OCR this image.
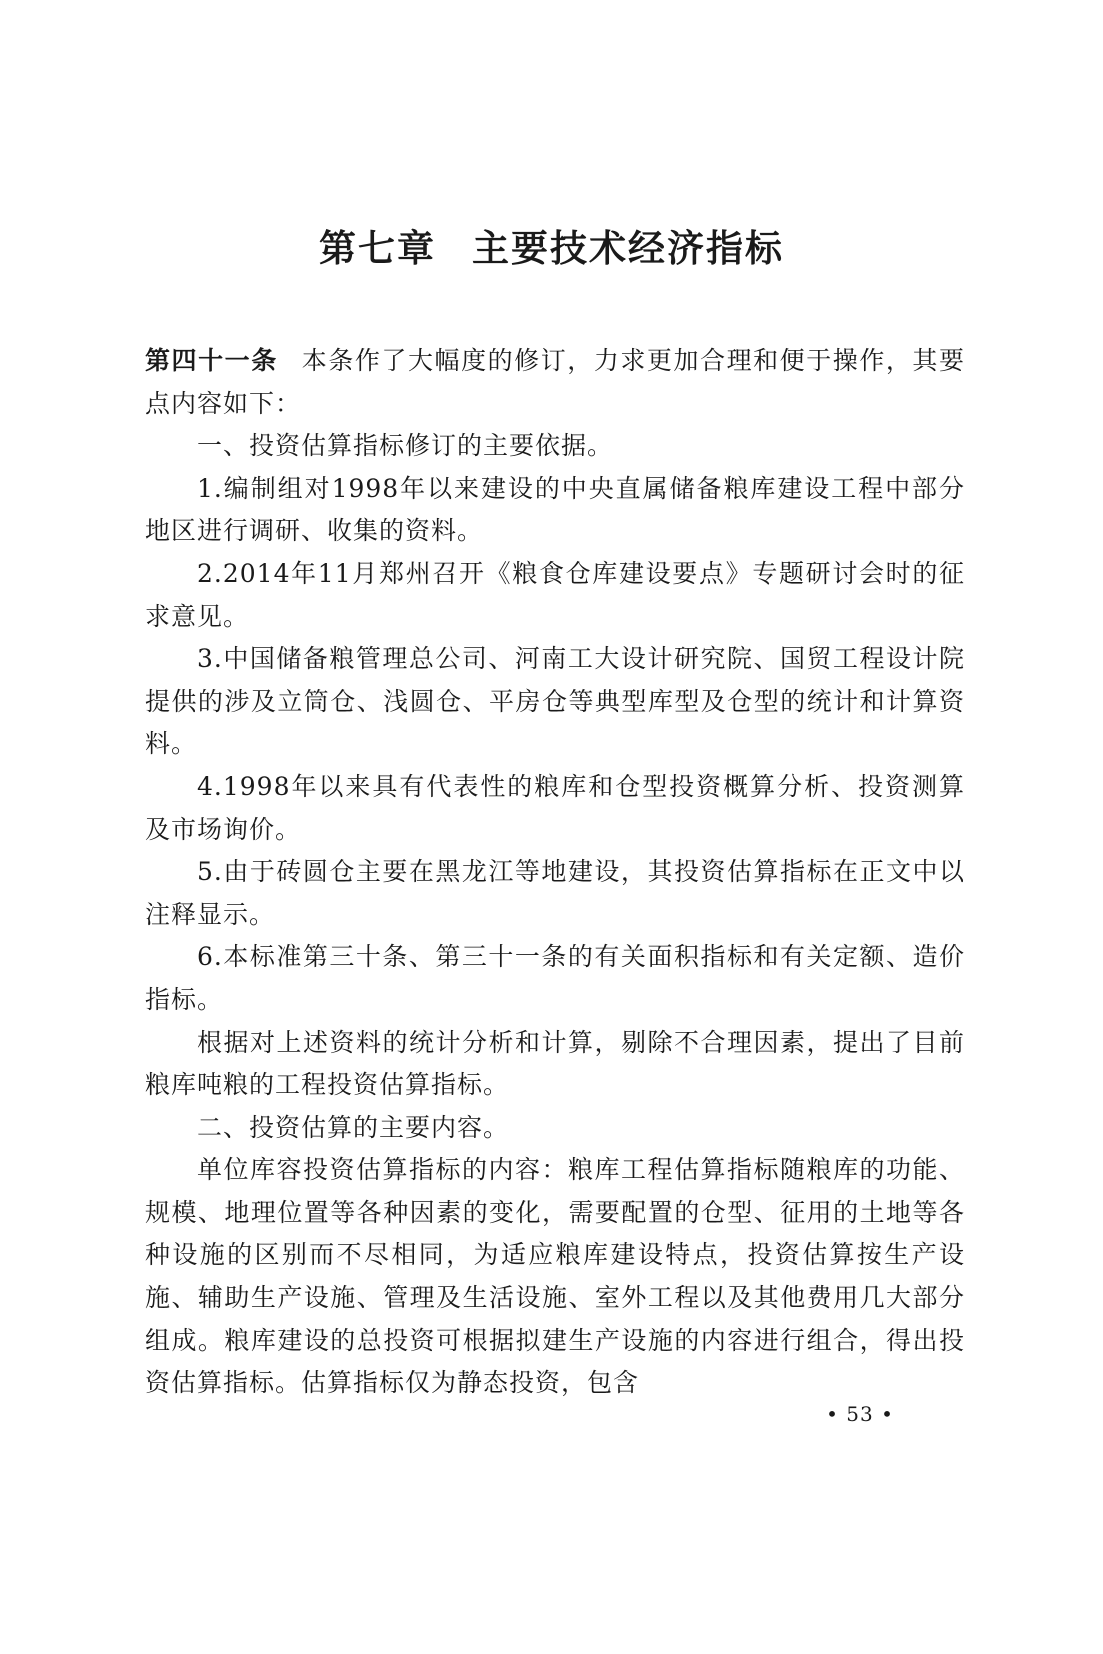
第七章 主要技术经济指标

第四十一条 本条作了大幅度的修订，力求更加合理和便于操作，其要点内容如下：

一、投资估算指标修订的主要依据。

1.编制组对1998年以来建设的中央直属储备粮库建设工程中部分地区进行调研、收集的资料。

2.2014年11月郑州召开《粮食仓库建设要点》专题研讨会时的征求意见。

3.中国储备粮管理总公司、河南工大设计研究院、国贸工程设计院提供的涉及立筒仓、浅圆仓、平房仓等典型库型及仓型的统计和计算资料。

4.1998年以来具有代表性的粮库和仓型投资概算分析、投资测算及市场询价。

5.由于砖圆仓主要在黑龙江等地建设，其投资估算指标在正文中以注释显示。

6.本标准第三十条、第三十一条的有关面积指标和有关定额、造价指标。

根据对上述资料的统计分析和计算，剔除不合理因素，提出了目前粮库吨粮的工程投资估算指标。

二、投资估算的主要内容。

单位库容投资估算指标的内容：粮库工程估算指标随粮库的功能、规模、地理位置等各种因素的变化，需要配置的仓型、征用的土地等各种设施的区别而不尽相同，为适应粮库建设特点，投资估算按生产设施、辅助生产设施、管理及生活设施、室外工程以及其他费用几大部分组成。粮库建设的总投资可根据拟建生产设施的内容进行组合，得出投资估算指标。估算指标仅为静态投资，包含

• 53 •
